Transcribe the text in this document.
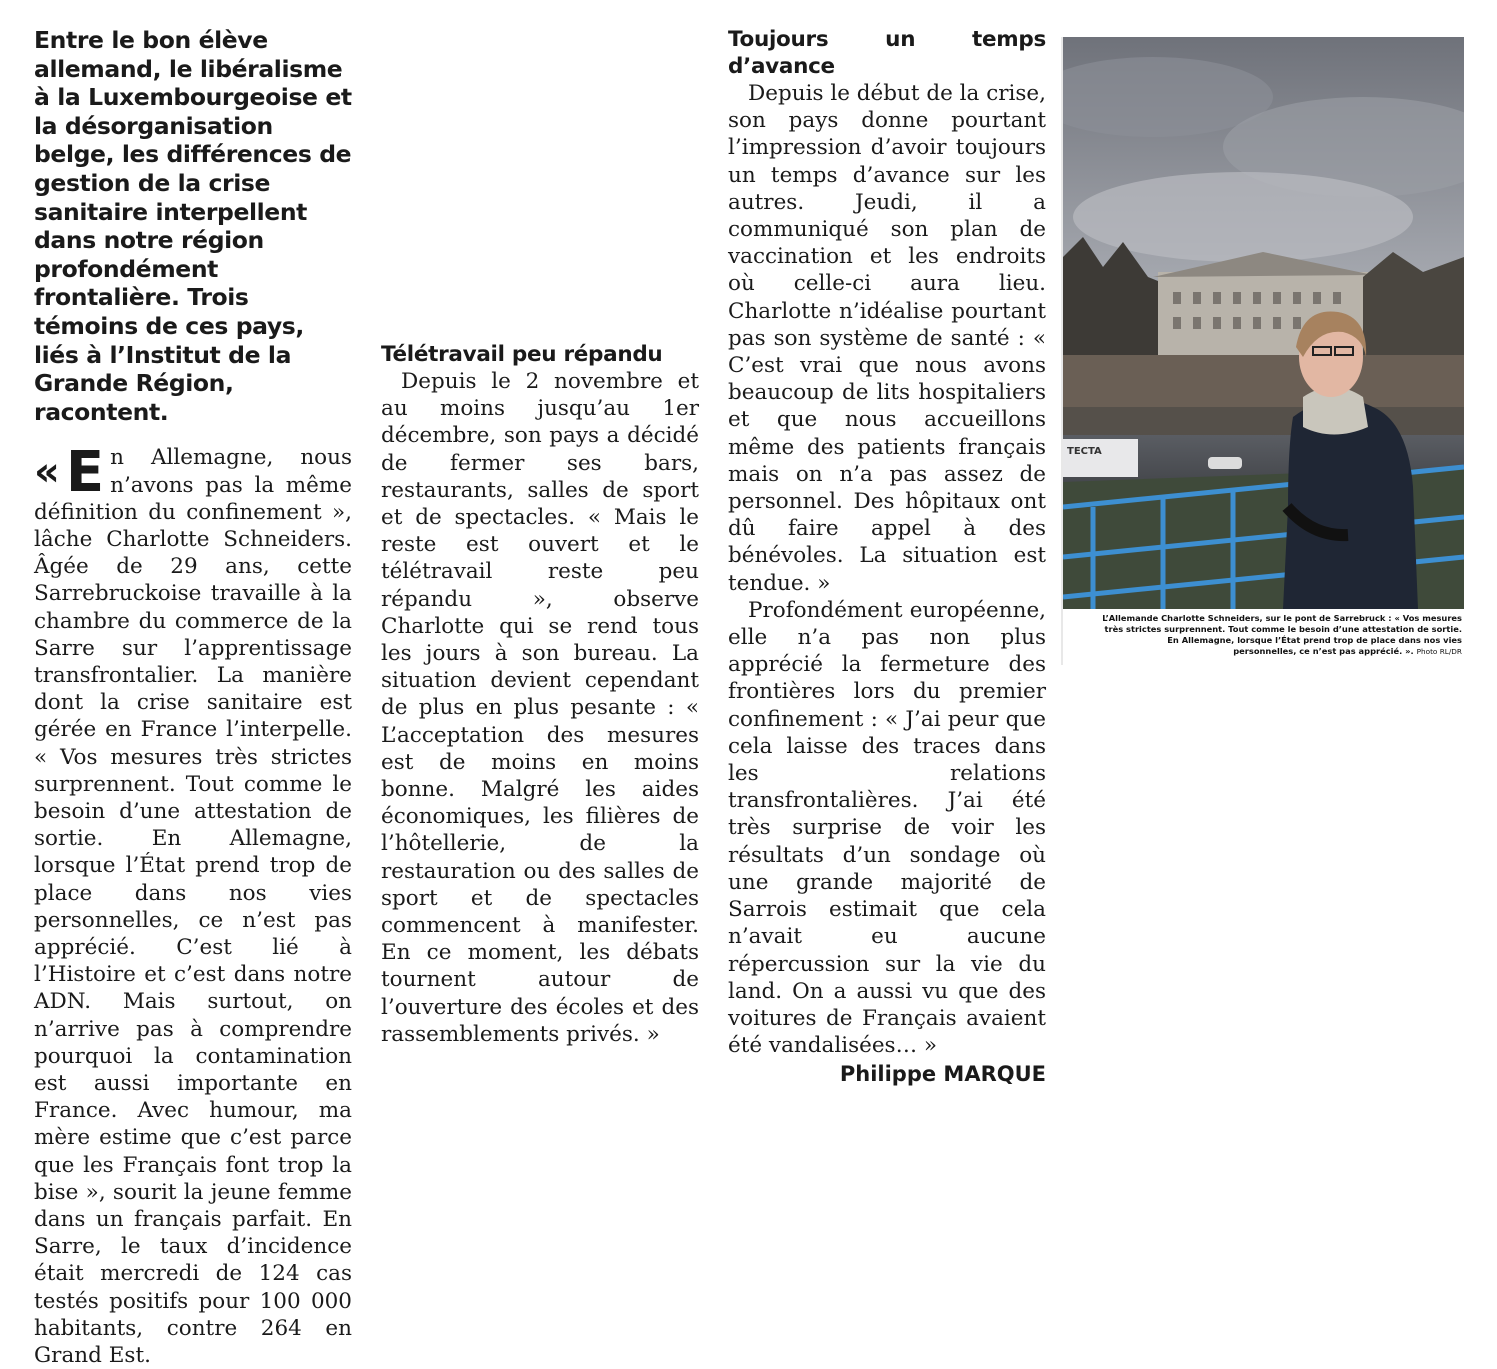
Entre le bon élève allemand, le libéralisme à la Luxembourgeoise et la désorganisation belge, les différences de gestion de la crise sanitaire interpellent dans notre région profondément frontalière. Trois témoins de ces pays, liés à l’Institut de la Grande Région, racontent.

« E n Allemagne, nous n’avons pas la même définition du confinement », lâche Charlotte Schneiders. Âgée de 29 ans, cette Sarrebruckoise travaille à la chambre du commerce de la Sarre sur l’apprentissage transfrontalier. La manière dont la crise sanitaire est gérée en France l’interpelle. « Vos mesures très strictes surprennent. Tout comme le besoin d’une attestation de sortie. En Allemagne, lorsque l’État prend trop de place dans nos vies personnelles, ce n’est pas apprécié. C’est lié à l’Histoire et c’est dans notre ADN. Mais surtout, on n’arrive pas à comprendre pourquoi la contamination est aussi importante en France. Avec humour, ma mère estime que c’est parce que les Français font trop la bise », sourit la jeune femme dans un français parfait. En Sarre, le taux d’incidence était mercredi de 124 cas testés positifs pour 100 000 habitants, contre 264 en Grand Est.

Télétravail peu répandu

Depuis le 2 novembre et au moins jusqu’au 1er décembre, son pays a décidé de fermer ses bars, restaurants, salles de sport et de spectacles. « Mais le reste est ouvert et le télétravail reste peu répandu », observe Charlotte qui se rend tous les jours à son bureau. La situation devient cependant de plus en plus pesante : « L’acceptation des mesures est de moins en moins bonne. Malgré les aides économiques, les filières de l’hôtellerie, de la restauration ou des salles de sport et de spectacles commencent à manifester. En ce moment, les débats tournent autour de l’ouverture des écoles et des rassemblements privés. »

Toujours un temps d’avance

Depuis le début de la crise, son pays donne pourtant l’impression d’avoir toujours un temps d’avance sur les autres. Jeudi, il a communiqué son plan de vaccination et les endroits où celle-ci aura lieu. Charlotte n’idéalise pourtant pas son système de santé : « C’est vrai que nous avons beaucoup de lits hospitaliers et que nous accueillons même des patients français mais on n’a pas assez de personnel. Des hôpitaux ont dû faire appel à des bénévoles. La situation est tendue. »

Profondément européenne, elle n’a pas non plus apprécié la fermeture des frontières lors du premier confinement : « J’ai peur que cela laisse des traces dans les relations transfrontalières. J’ai été très surprise de voir les résultats d’un sondage où une grande majorité de Sarrois estimait que cela n’avait eu aucune répercussion sur la vie du land. On a aussi vu que des voitures de Français avaient été vandalisées… »

Philippe MARQUE
TECTA
L’Allemande Charlotte Schneiders, sur le pont de Sarrebruck : « Vos mesures très strictes surprennent. Tout comme le besoin d’une attestation de sortie. En Allemagne, lorsque l’État prend trop de place dans nos vies personnelles, ce n’est pas apprécié. ». Photo RL/DR
